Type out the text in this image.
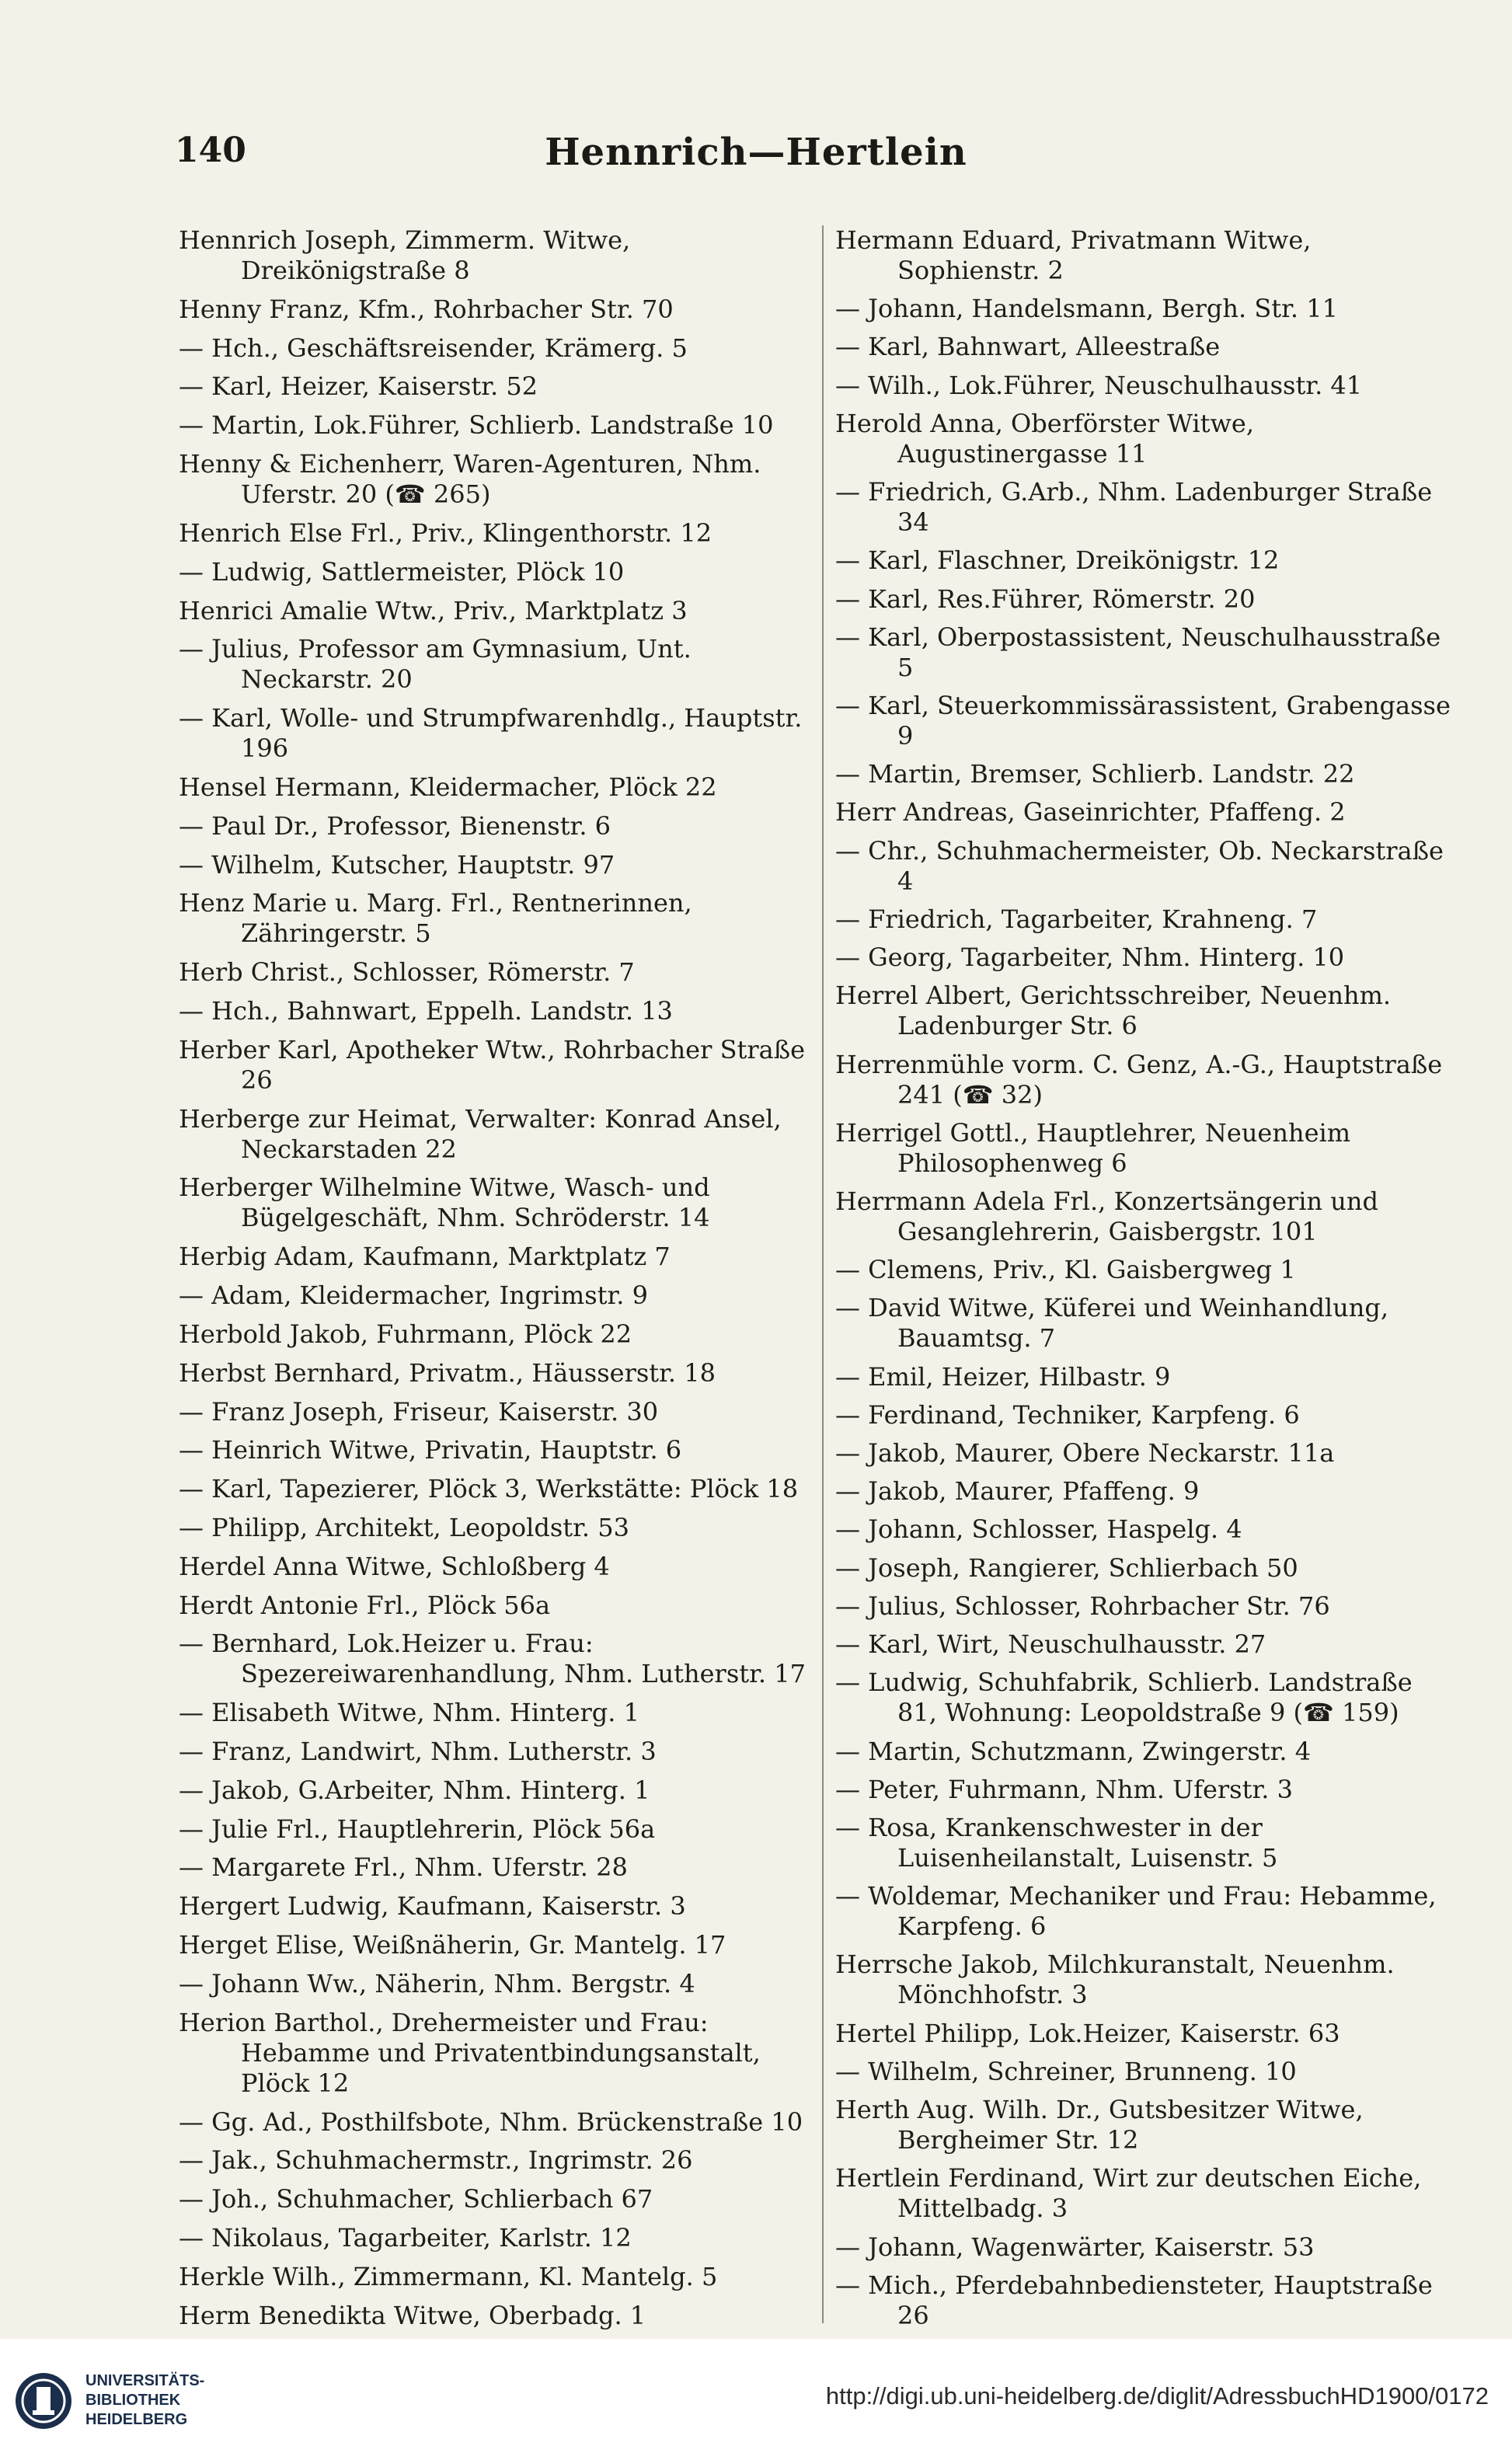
140	Hennrich—Hertlein
Hennrich Joseph, Zimmerm. Witwe, Dreikönigstraße 8
Henny Franz, Kfm., Rohrbacher Str. 70
— Hch., Geschäftsreisender, Krämerg. 5
— Karl, Heizer, Kaiserstr. 52
— Martin, Lok.Führer, Schlierb. Landstraße 10
Henny & Eichenherr, Waren-Agenturen, Nhm. Uferstr. 20 (☎ 265)
Henrich Else Frl., Priv., Klingenthorstr. 12
— Ludwig, Sattlermeister, Plöck 10
Henrici Amalie Wtw., Priv., Marktplatz 3
— Julius, Professor am Gymnasium, Unt. Neckarstr. 20
— Karl, Wolle- und Strumpfwarenhdlg., Hauptstr. 196
Hensel Hermann, Kleidermacher, Plöck 22
— Paul Dr., Professor, Bienenstr. 6
— Wilhelm, Kutscher, Hauptstr. 97
Henz Marie u. Marg. Frl., Rentnerinnen, Zähringerstr. 5
Herb Christ., Schlosser, Römerstr. 7
— Hch., Bahnwart, Eppelh. Landstr. 13
Herber Karl, Apotheker Wtw., Rohrbacher Straße 26
Herberge zur Heimat, Verwalter: Konrad Ansel, Neckarstaden 22
Herberger Wilhelmine Witwe, Wasch- und Bügelgeschäft, Nhm. Schröderstr. 14
Herbig Adam, Kaufmann, Marktplatz 7
— Adam, Kleidermacher, Ingrimstr. 9
Herbold Jakob, Fuhrmann, Plöck 22
Herbst Bernhard, Privatm., Häusserstr. 18
— Franz Joseph, Friseur, Kaiserstr. 30
— Heinrich Witwe, Privatin, Hauptstr. 6
— Karl, Tapezierer, Plöck 3, Werkstätte: Plöck 18
— Philipp, Architekt, Leopoldstr. 53
Herdel Anna Witwe, Schloßberg 4
Herdt Antonie Frl., Plöck 56a
— Bernhard, Lok.Heizer u. Frau: Spezereiwarenhandlung, Nhm. Lutherstr. 17
— Elisabeth Witwe, Nhm. Hinterg. 1
— Franz, Landwirt, Nhm. Lutherstr. 3
— Jakob, G.Arbeiter, Nhm. Hinterg. 1
— Julie Frl., Hauptlehrerin, Plöck 56a
— Margarete Frl., Nhm. Uferstr. 28
Hergert Ludwig, Kaufmann, Kaiserstr. 3
Herget Elise, Weißnäherin, Gr. Mantelg. 17
— Johann Ww., Näherin, Nhm. Bergstr. 4
Herion Barthol., Drehermeister und Frau: Hebamme und Privatentbindungsanstalt, Plöck 12
— Gg. Ad., Posthilfsbote, Nhm. Brückenstraße 10
— Jak., Schuhmachermstr., Ingrimstr. 26
— Joh., Schuhmacher, Schlierbach 67
— Nikolaus, Tagarbeiter, Karlstr. 12
Herkle Wilh., Zimmermann, Kl. Mantelg. 5
Herm Benedikta Witwe, Oberbadg. 1
Hermann Eduard, Privatmann Witwe, Sophienstr. 2
— Johann, Handelsmann, Bergh. Str. 11
— Karl, Bahnwart, Alleestraße
— Wilh., Lok.Führer, Neuschulhausstr. 41
Herold Anna, Oberförster Witwe, Augustinergasse 11
— Friedrich, G.Arb., Nhm. Ladenburger Straße 34
— Karl, Flaschner, Dreikönigstr. 12
— Karl, Res.Führer, Römerstr. 20
— Karl, Oberpostassistent, Neuschulhausstraße 5
— Karl, Steuerkommissärassistent, Grabengasse 9
— Martin, Bremser, Schlierb. Landstr. 22
Herr Andreas, Gaseinrichter, Pfaffeng. 2
— Chr., Schuhmachermeister, Ob. Neckarstraße 4
— Friedrich, Tagarbeiter, Krahneng. 7
— Georg, Tagarbeiter, Nhm. Hinterg. 10
Herrel Albert, Gerichtsschreiber, Neuenhm. Ladenburger Str. 6
Herrenmühle vorm. C. Genz, A.-G., Hauptstraße 241 (☎ 32)
Herrigel Gottl., Hauptlehrer, Neuenheim Philosophenweg 6
Herrmann Adela Frl., Konzertsängerin und Gesanglehrerin, Gaisbergstr. 101
— Clemens, Priv., Kl. Gaisbergweg 1
— David Witwe, Küferei und Weinhandlung, Bauamtsg. 7
— Emil, Heizer, Hilbastr. 9
— Ferdinand, Techniker, Karpfeng. 6
— Jakob, Maurer, Obere Neckarstr. 11a
— Jakob, Maurer, Pfaffeng. 9
— Johann, Schlosser, Haspelg. 4
— Joseph, Rangierer, Schlierbach 50
— Julius, Schlosser, Rohrbacher Str. 76
— Karl, Wirt, Neuschulhausstr. 27
— Ludwig, Schuhfabrik, Schlierb. Landstraße 81, Wohnung: Leopoldstraße 9 (☎ 159)
— Martin, Schutzmann, Zwingerstr. 4
— Peter, Fuhrmann, Nhm. Uferstr. 3
— Rosa, Krankenschwester in der Luisenheilanstalt, Luisenstr. 5
— Woldemar, Mechaniker und Frau: Hebamme, Karpfeng. 6
Herrsche Jakob, Milchkuranstalt, Neuenhm. Mönchhofstr. 3
Hertel Philipp, Lok.Heizer, Kaiserstr. 63
— Wilhelm, Schreiner, Brunneng. 10
Herth Aug. Wilh. Dr., Gutsbesitzer Witwe, Bergheimer Str. 12
Hertlein Ferdinand, Wirt zur deutschen Eiche, Mittelbadg. 3
— Johann, Wagenwärter, Kaiserstr. 53
— Mich., Pferdebahnbediensteter, Hauptstraße 26
UNIVERSITÄTS-
BIBLIOTHEK
HEIDELBERG
http://digi.ub.uni-heidelberg.de/diglit/AdressbuchHD1900/0172
